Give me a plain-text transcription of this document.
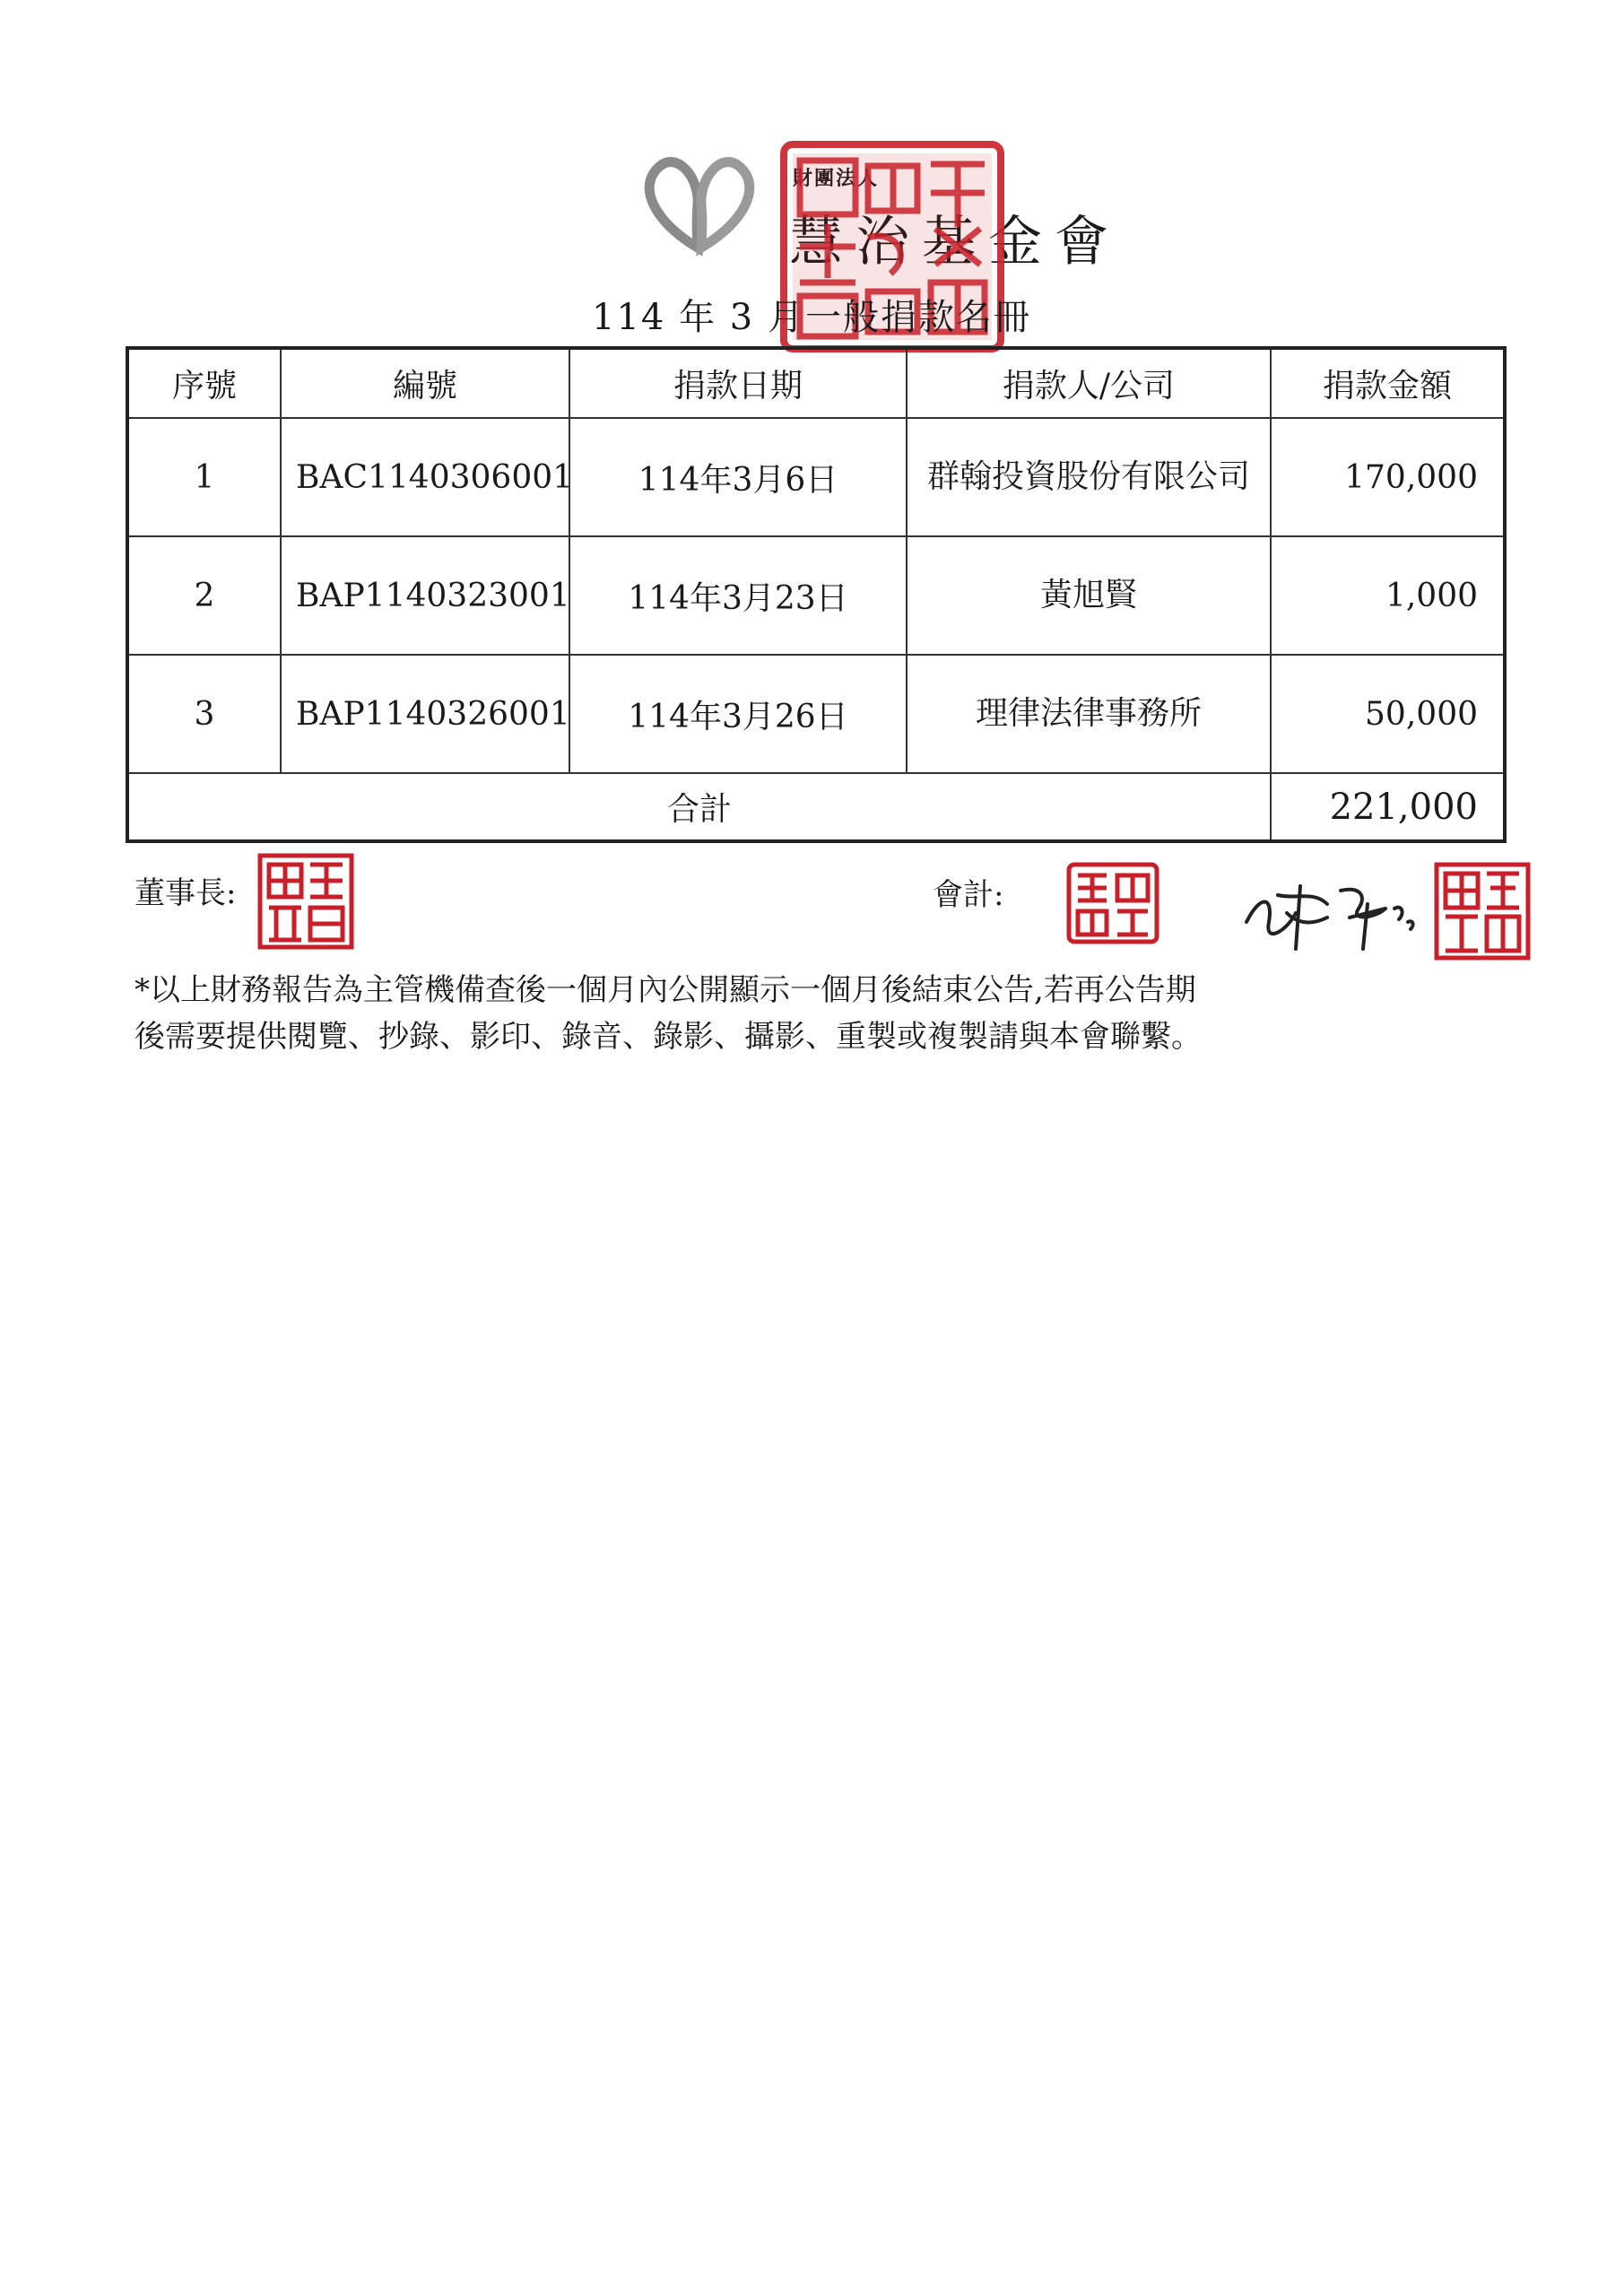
財團法人
慧治基金會
114 年 3 月一般捐款名冊
序號	編號	捐款日期	捐款人/公司	捐款金額
1	BAC1140306001	114年3月6日	群翰投資股份有限公司	170,000
2	BAP1140323001	114年3月23日	黃旭賢	1,000
3	BAP1140326001	114年3月26日	理律法律事務所	50,000
合計				221,000
董事長:	會計:
經辦

*以上財務報告為主管機備查後一個月內公開顯示一個月後結束公告,若再公告期

後需要提供閱覽、抄錄、影印、錄音、錄影、攝影、重製或複製請與本會聯繫。
